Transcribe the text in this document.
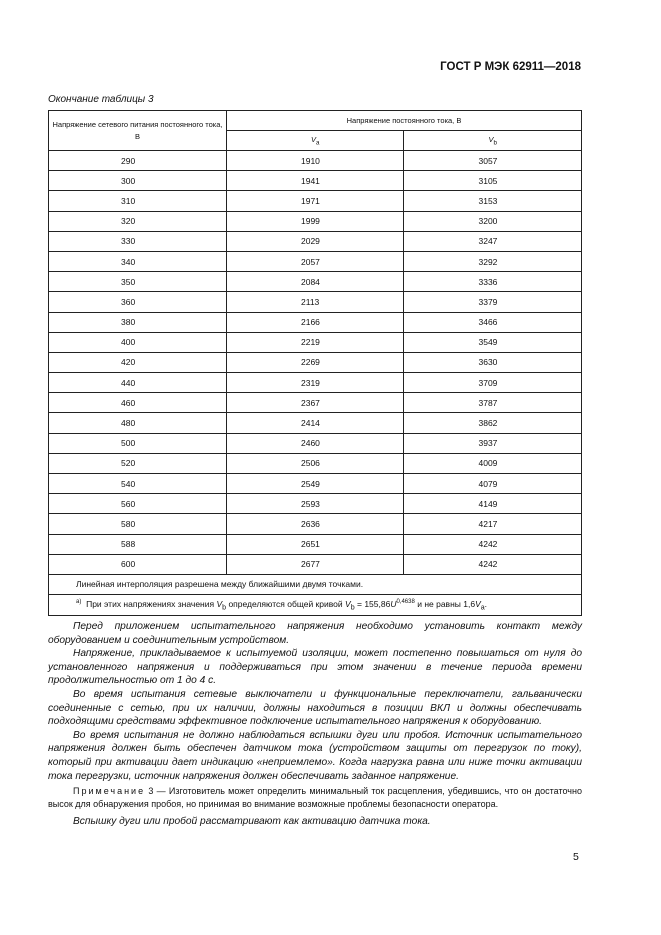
ГОСТ Р МЭК 62911—2018
Окончание таблицы 3
Напряжение сетевого питания постоянного тока, В	Напряжение постоянного тока, В	
	$V_a$	$V_b$
290	1910	3057
300	1941	3105
310	1971	3153
320	1999	3200
330	2029	3247
340	2057	3292
350	2084	3336
360	2113	3379
380	2166	3466
400	2219	3549
420	2269	3630
440	2319	3709
460	2367	3787
480	2414	3862
500	2460	3937
520	2506	4009
540	2549	4079
560	2593	4149
580	2636	4217
588	2651	4242
600	2677	4242
Линейная интерполяция разрешена между ближайшими двумя точками.		
$^{a)}$ При этих напряжениях значения $V_b$ определяются общей кривой $V_b = 155,86U^{0,4638}$ и не равны $1,6V_a$.		

Перед приложением испытательного напряжения необходимо установить контакт между оборудованием и соединительным устройством.

Напряжение, прикладываемое к испытуемой изоляции, может постепенно повышаться от нуля до установленного напряжения и поддерживаться при этом значении в течение периода времени продолжительностью от 1 до 4 с.

Во время испытания сетевые выключатели и функциональные переключатели, гальванически соединенные с сетью, при их наличии, должны находиться в позиции ВКЛ и должны обеспечивать подходящими средствами эффективное подключение испытательного напряжения к оборудованию.

Во время испытания не должно наблюдаться вспышки дуги или пробоя. Источник испытательного напряжения должен быть обеспечен датчиком тока (устройством защиты от перегрузок по току), который при активации дает индикацию «неприемлемо». Когда нагрузка равна или ниже точки активации тока перегрузки, источник напряжения должен обеспечивать заданное напряжение.

Примечание 3 — Изготовитель может определить минимальный ток расцепления, убедившись, что он достаточно высок для обнаружения пробоя, но принимая во внимание возможные проблемы безопасности оператора.

Вспышку дуги или пробой рассматривают как активацию датчика тока.

5
